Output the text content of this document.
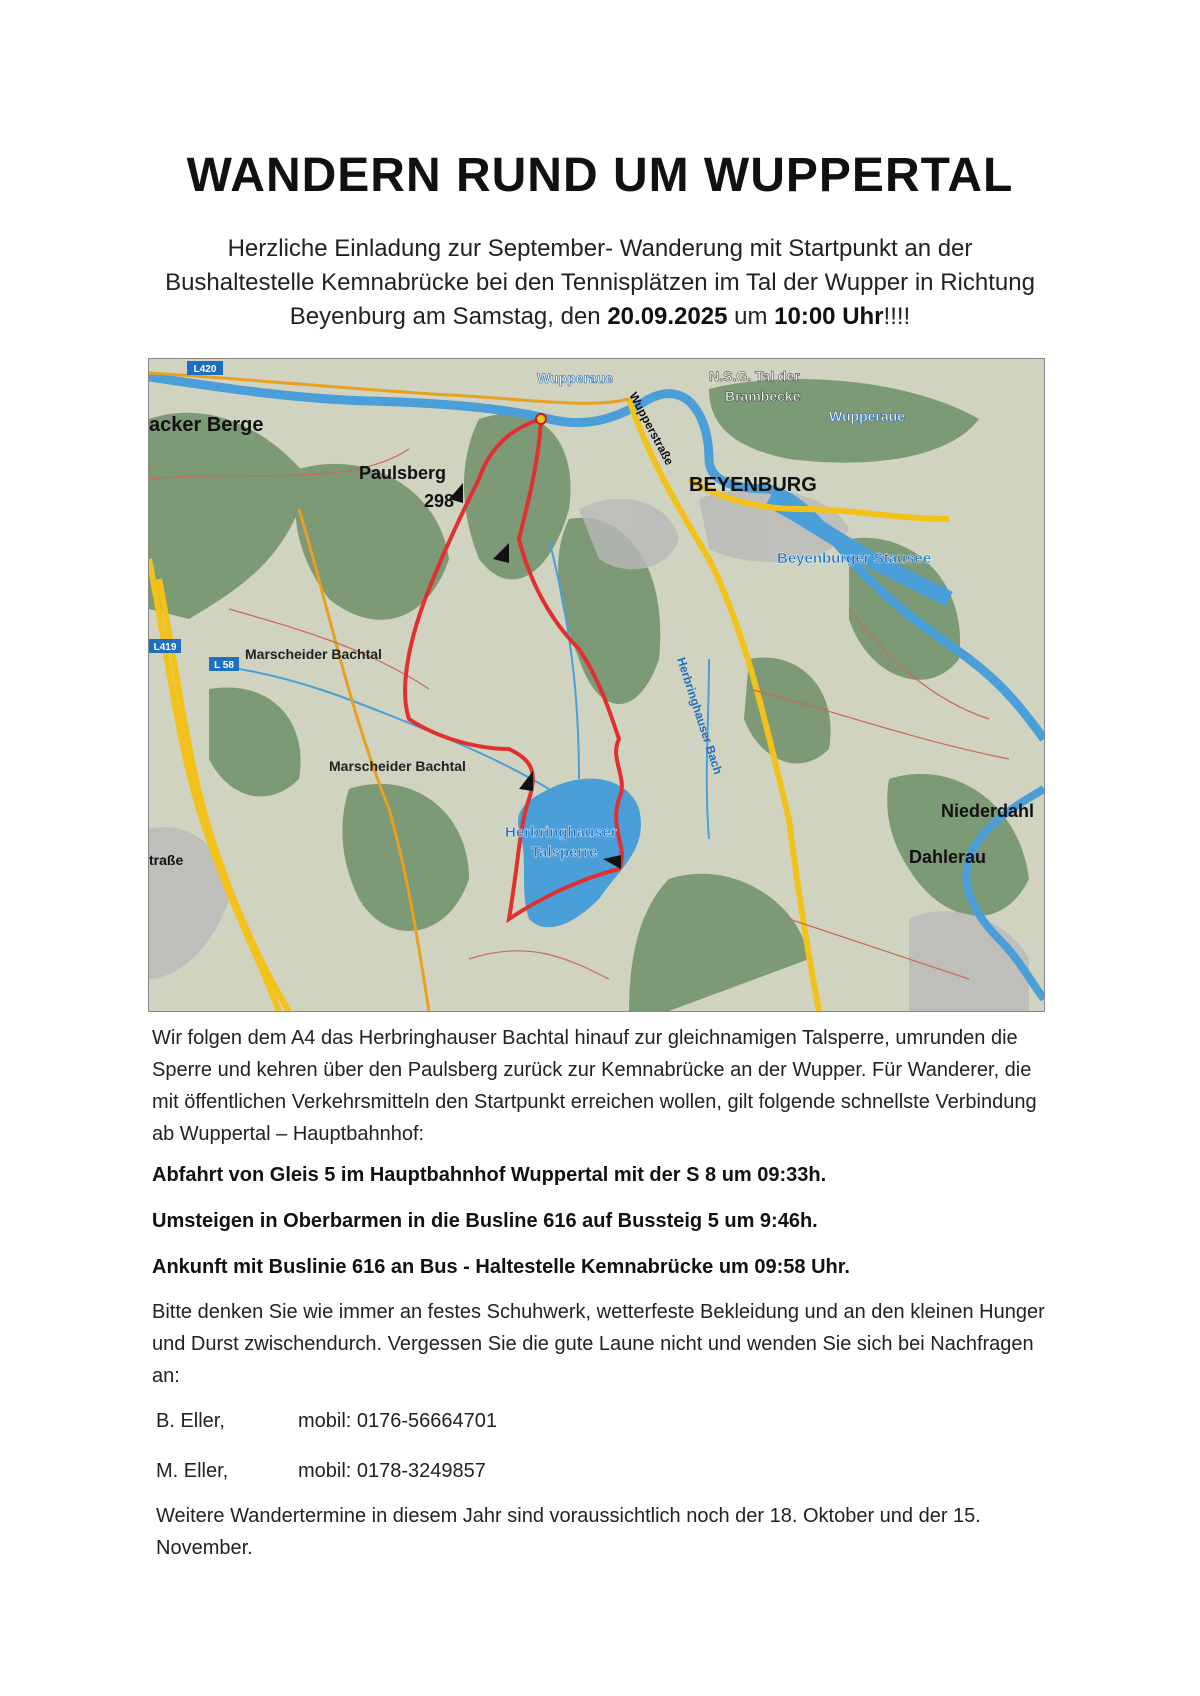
WANDERN RUND UM WUPPERTAL
Herzliche Einladung zur September- Wanderung mit Startpunkt an der Bushaltestelle Kemnabrücke bei den Tennisplätzen im Tal der Wupper in Richtung Beyenburg am Samstag, den 20.09.2025 um 10:00 Uhr!!!!
L420
L419
L 58
acker Berge
Paulsberg
298
Wupperaue	N.S.G. Tal der
Brambecke
Wupperaue
Wupperstraße
BEYENBURG
Beyenburger Stausee
Marscheider Bachtal
Marscheider Bachtal
Herbringhauser
Talsperre
Herbringhauser Bach
Niederdahl
Dahlerau
traße
Wir folgen dem A4 das Herbringhauser Bachtal hinauf zur gleichnamigen Talsperre, umrunden die Sperre und kehren über den Paulsberg zurück zur Kemnabrücke an der Wupper. Für Wanderer, die mit öffentlichen Verkehrsmitteln den Startpunkt erreichen wollen, gilt folgende schnellste Verbindung ab Wuppertal – Hauptbahnhof:
Abfahrt von Gleis 5 im Hauptbahnhof Wuppertal mit der S 8 um 09:33h.
Umsteigen in Oberbarmen in die Busline 616 auf Bussteig 5 um 9:46h.
Ankunft mit Buslinie 616 an Bus - Haltestelle Kemnabrücke um 09:58 Uhr.
Bitte denken Sie wie immer an festes Schuhwerk, wetterfeste Bekleidung und an den kleinen Hunger und Durst zwischendurch. Vergessen Sie die gute Laune nicht und wenden Sie sich bei Nachfragen an:
B. Eller,	mobil: 0176-56664701
M. Eller,	mobil: 0178-3249857
Weitere Wandertermine in diesem Jahr sind voraussichtlich noch der 18. Oktober und der 15. November.
